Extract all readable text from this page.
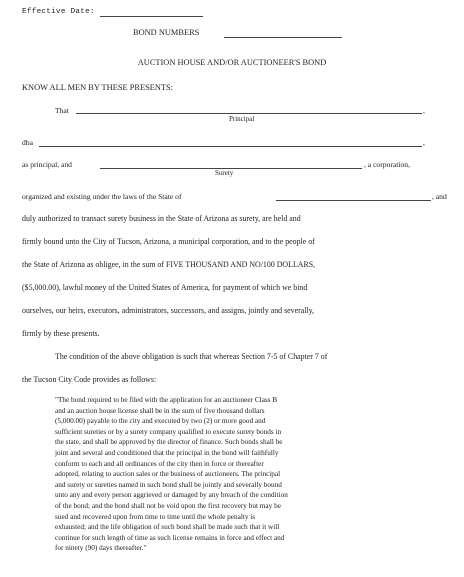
Effective Date:
BOND NUMBERS
AUCTION HOUSE AND/OR AUCTIONEER'S BOND
KNOW ALL MEN BY THESE PRESENTS:
That	,
Principal
dba	,
as principal, and	, a corporation,
Surety
organized and existing under the laws of the State of	, and
duly authorized to transact surety business in the State of Arizona as surety, are held and
firmly bound unto the City of Tucson, Arizona, a municipal corporation, and to the people of
the State of Arizona as obligee, in the sum of FIVE THOUSAND AND NO/100 DOLLARS,
($5,000.00), lawful money of the United States of America, for payment of which we bind
ourselves, our heirs, executors, administrators, successors, and assigns, jointly and severally,
firmly by these presents.
The condition of the above obligation is such that whereas Section 7-5 of Chapter 7 of
the Tucson City Code provides as follows:
"The bond required to be filed with the application for an auctioneer Class B
and an auction house license shall be in the sum of five thousand dollars
(5,000.00) payable to the city and executed by two (2) or more good and
sufficient sureties or by a surety company qualified to execute surety bonds in
the state, and shall be approved by the director of finance. Such bonds shall be
joint and several and conditioned that the principal in the bond will faithfully
conform to each and all ordinances of the city then in force or thereafter
adopted, relating to auction sales or the business of auctioneers. The principal
and surety or sureties named in such bond shall be jointly and severally bound
unto any and every person aggrieved or damaged by any breach of the condition
of the bond; and the bond shall not be void upon the first recovery but may be
sued and recovered upon from time to time until the whole penalty is
exhausted; and the life obligation of such bond shall be made such that it will
continue for such length of time as such license remains in force and effect and
for ninety (90) days thereafter."
